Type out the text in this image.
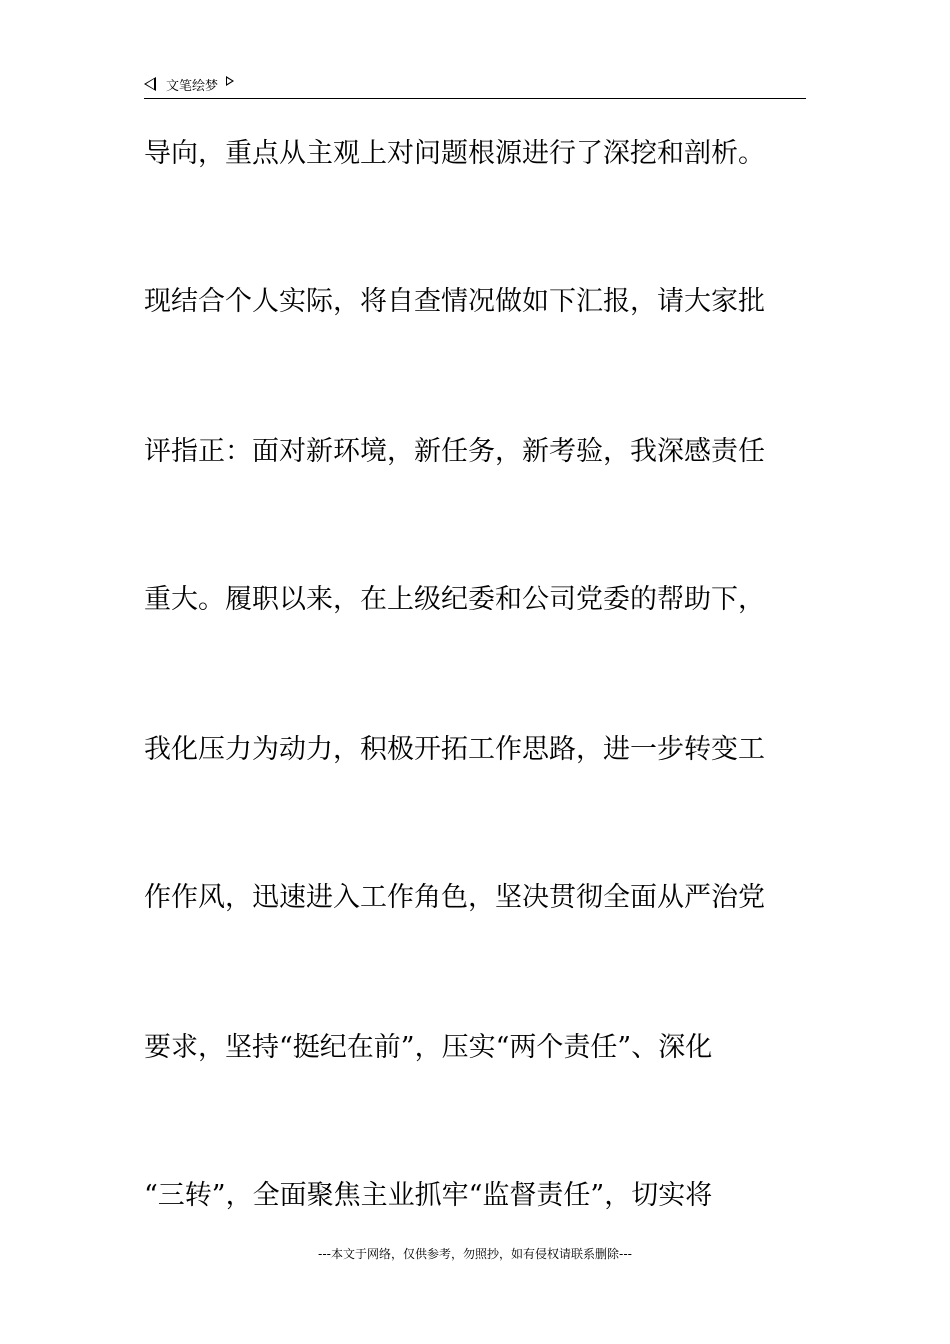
文笔绘梦
导向，重点从主观上对问题根源进行了深挖和剖析。
现结合个人实际，将自查情况做如下汇报，请大家批
评指正：面对新环境，新任务，新考验，我深感责任
重大。履职以来，在上级纪委和公司党委的帮助下，
我化压力为动力，积极开拓工作思路，进一步转变工
作作风，迅速进入工作角色，坚决贯彻全面从严治党
要求，坚持“挺纪在前”，压实“两个责任”、深化
“三转”，全面聚焦主业抓牢“监督责任”，切实将
---本文于网络，仅供参考，勿照抄，如有侵权请联系删除---
